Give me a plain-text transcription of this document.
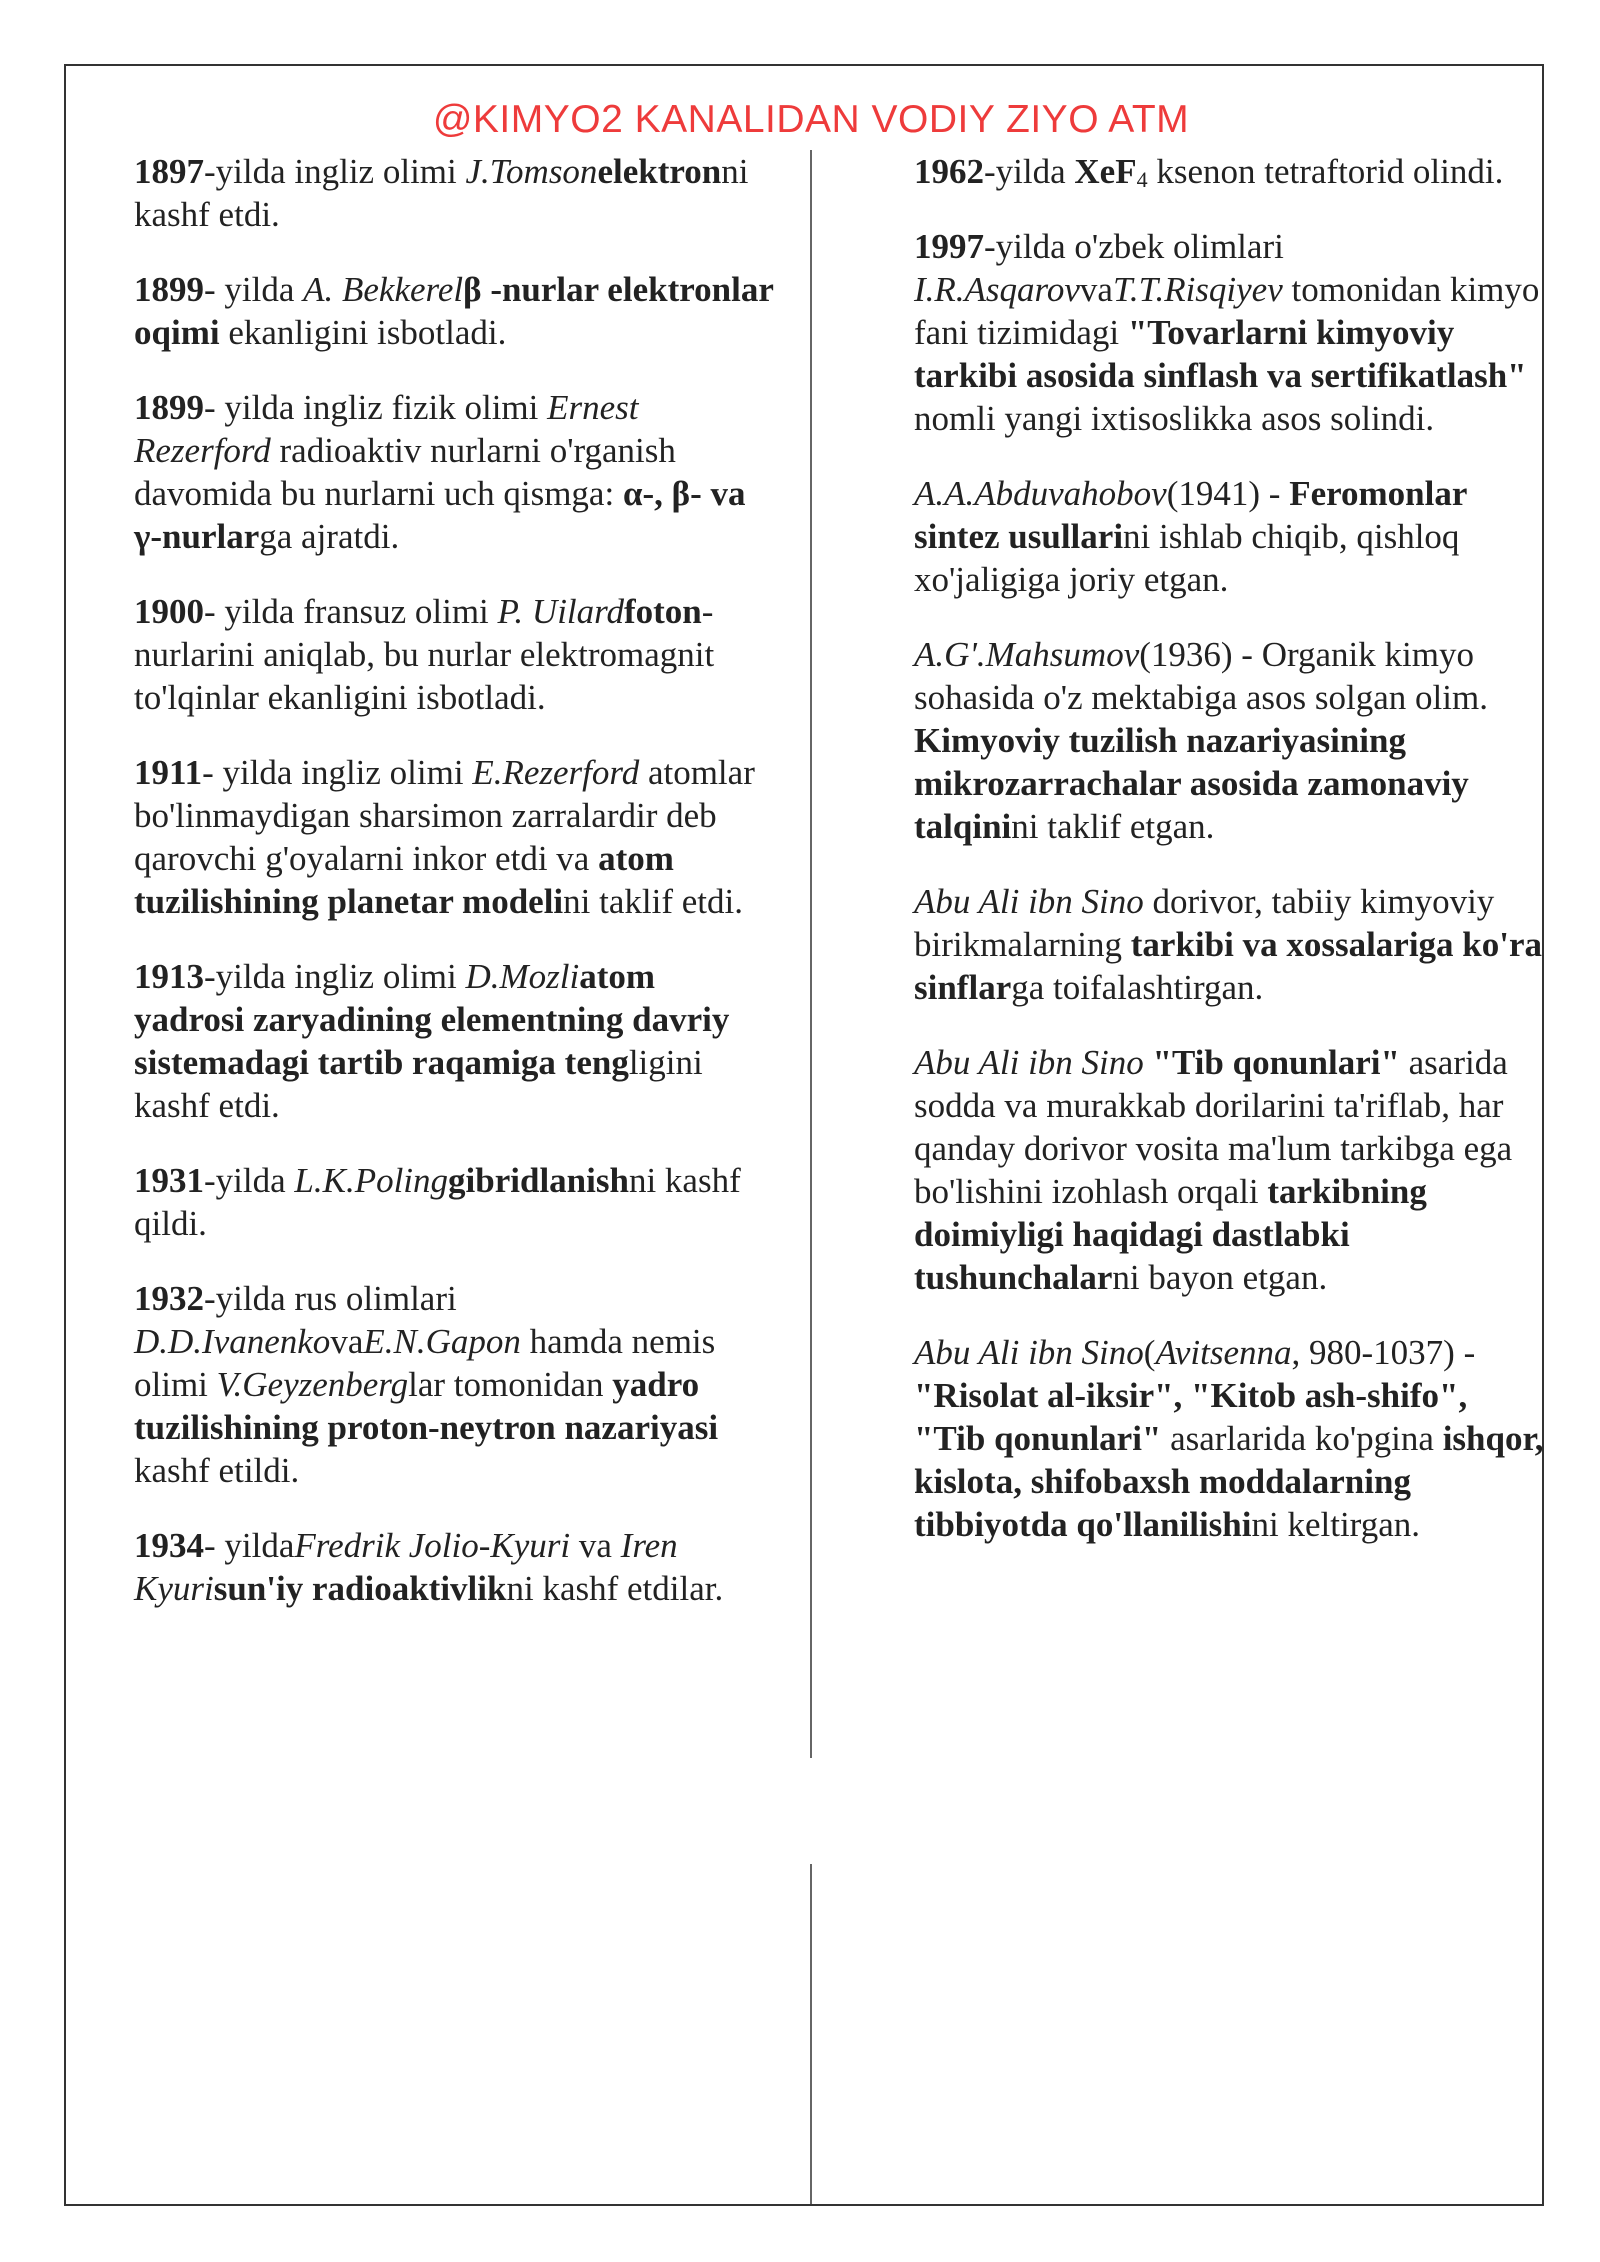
@KIMYO2 KANALIDAN VODIY ZIYO ATM

1897-yilda ingliz olimi J.Tomsonelektronni kashf etdi.

1899- yilda A. Bekkerelβ -nurlar elektronlar oqimi ekanligini isbotladi.

1899- yilda ingliz fizik olimi Ernest Rezerford radioaktiv nurlarni o'rganish davomida bu nurlarni uch qismga: α-, β- va γ-nurlarga ajratdi.

1900- yilda fransuz olimi P. Uilardfoton-nurlarini aniqlab, bu nurlar elektromagnit to'lqinlar ekanligini isbotladi.

1911- yilda ingliz olimi E.Rezerford atomlar bo'linmaydigan sharsimon zarralardir deb qarovchi g'oyalarni inkor etdi va atom tuzilishining planetar modelini taklif etdi.

1913-yilda ingliz olimi D.Mozliatom yadrosi zaryadining elementning davriy sistemadagi tartib raqamiga tengligini kashf etdi.

1931-yilda L.K.Polinggibridlanishni kashf qildi.

1932-yilda rus olimlari D.D.IvanenkovaE.N.Gapon hamda nemis olimi V.Geyzenberglar tomonidan yadro tuzilishining proton-neytron nazariyasi kashf etildi.

1934- yildaFredrik Jolio-Kyuri va Iren Kyurisun'iy radioaktivlikni kashf etdilar.

1962-yilda XeF$_4$ ksenon tetraftorid olindi.

1997-yilda o'zbek olimlari I.R.AsqarovvaT.T.Risqiyev tomonidan kimyo fani tizimidagi "Tovarlarni kimyoviy tarkibi asosida sinflash va sertifikatlash" nomli yangi ixtisoslikka asos solindi.

A.A.Abduvahobov(1941) - Feromonlar sintez usullarini ishlab chiqib, qishloq xo'jaligiga joriy etgan.

A.G'.Mahsumov(1936) - Organik kimyo sohasida o'z mektabiga asos solgan olim. Kimyoviy tuzilish nazariyasining mikrozarrachalar asosida zamonaviy talqinini taklif etgan.

Abu Ali ibn Sino dorivor, tabiiy kimyoviy birikmalarning tarkibi va xossalariga ko'ra sinflarga toifalashtirgan.

Abu Ali ibn Sino "Tib qonunlari" asarida sodda va murakkab dorilarini ta'riflab, har qanday dorivor vosita ma'lum tarkibga ega bo'lishini izohlash orqali tarkibning doimiyligi haqidagi dastlabki tushunchalarni bayon etgan.

Abu Ali ibn Sino(Avitsenna, 980-1037) - "Risolat al-iksir", "Kitob ash-shifo", "Tib qonunlari" asarlarida ko'pgina ishqor, kislota, shifobaxsh moddalarning tibbiyotda qo'llanilishini keltirgan.
